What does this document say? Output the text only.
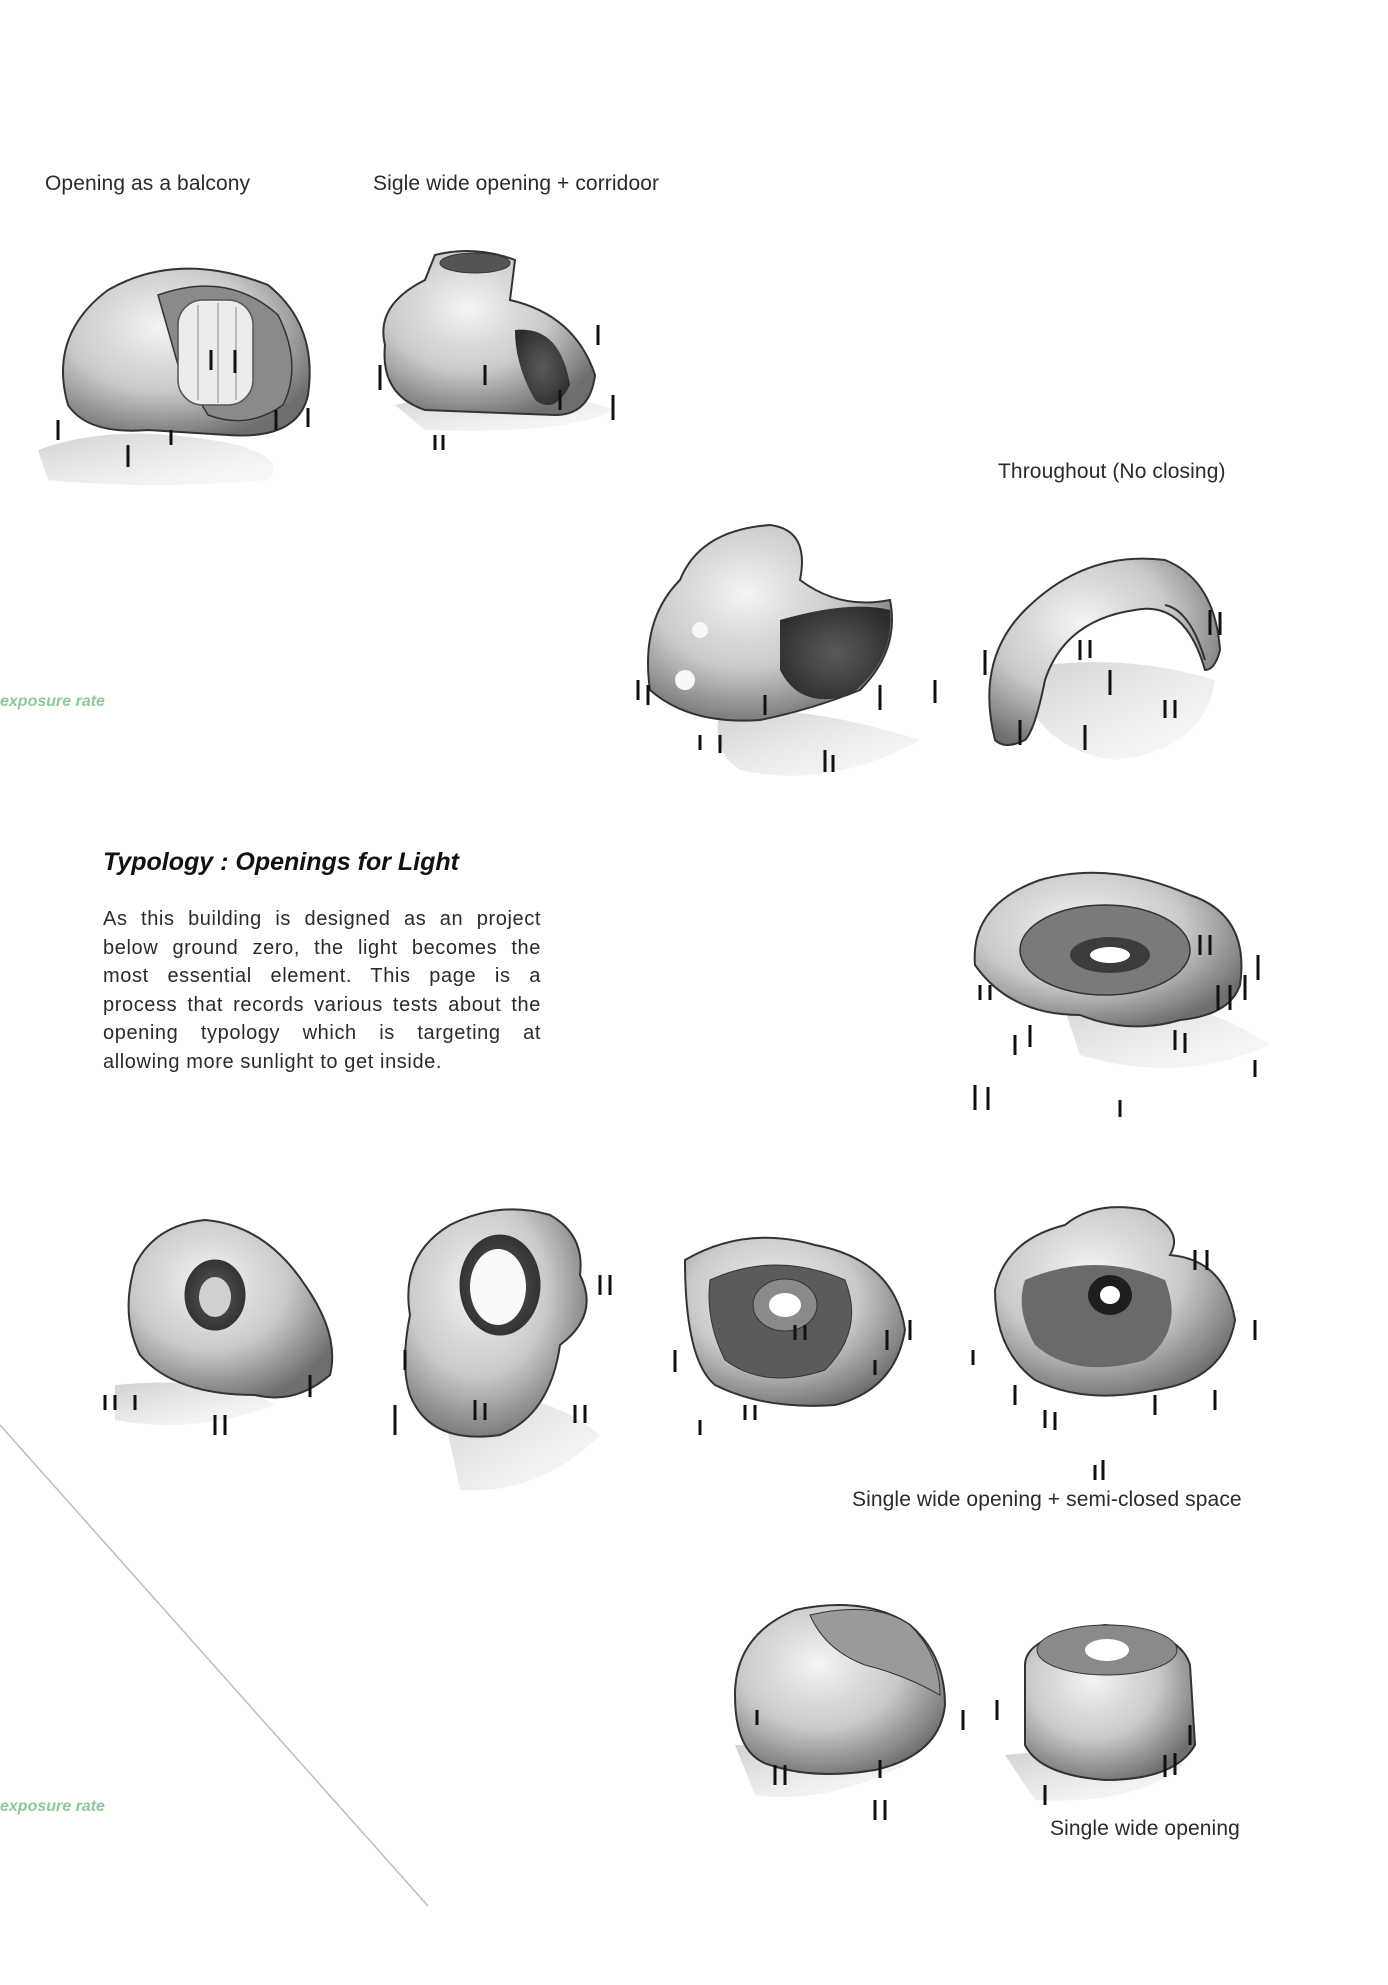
Opening as a balcony	Sigle wide opening + corridoor
Throughout (No closing)
Single wide opening + semi-closed space
Single wide opening
exposure rate
exposure rate
Typology : Openings for Light
As this building is designed as an project below ground zero, the light becomes the most essential element. This page is a process that records various tests about the opening typology which is targeting at allowing more sunlight to get inside.
